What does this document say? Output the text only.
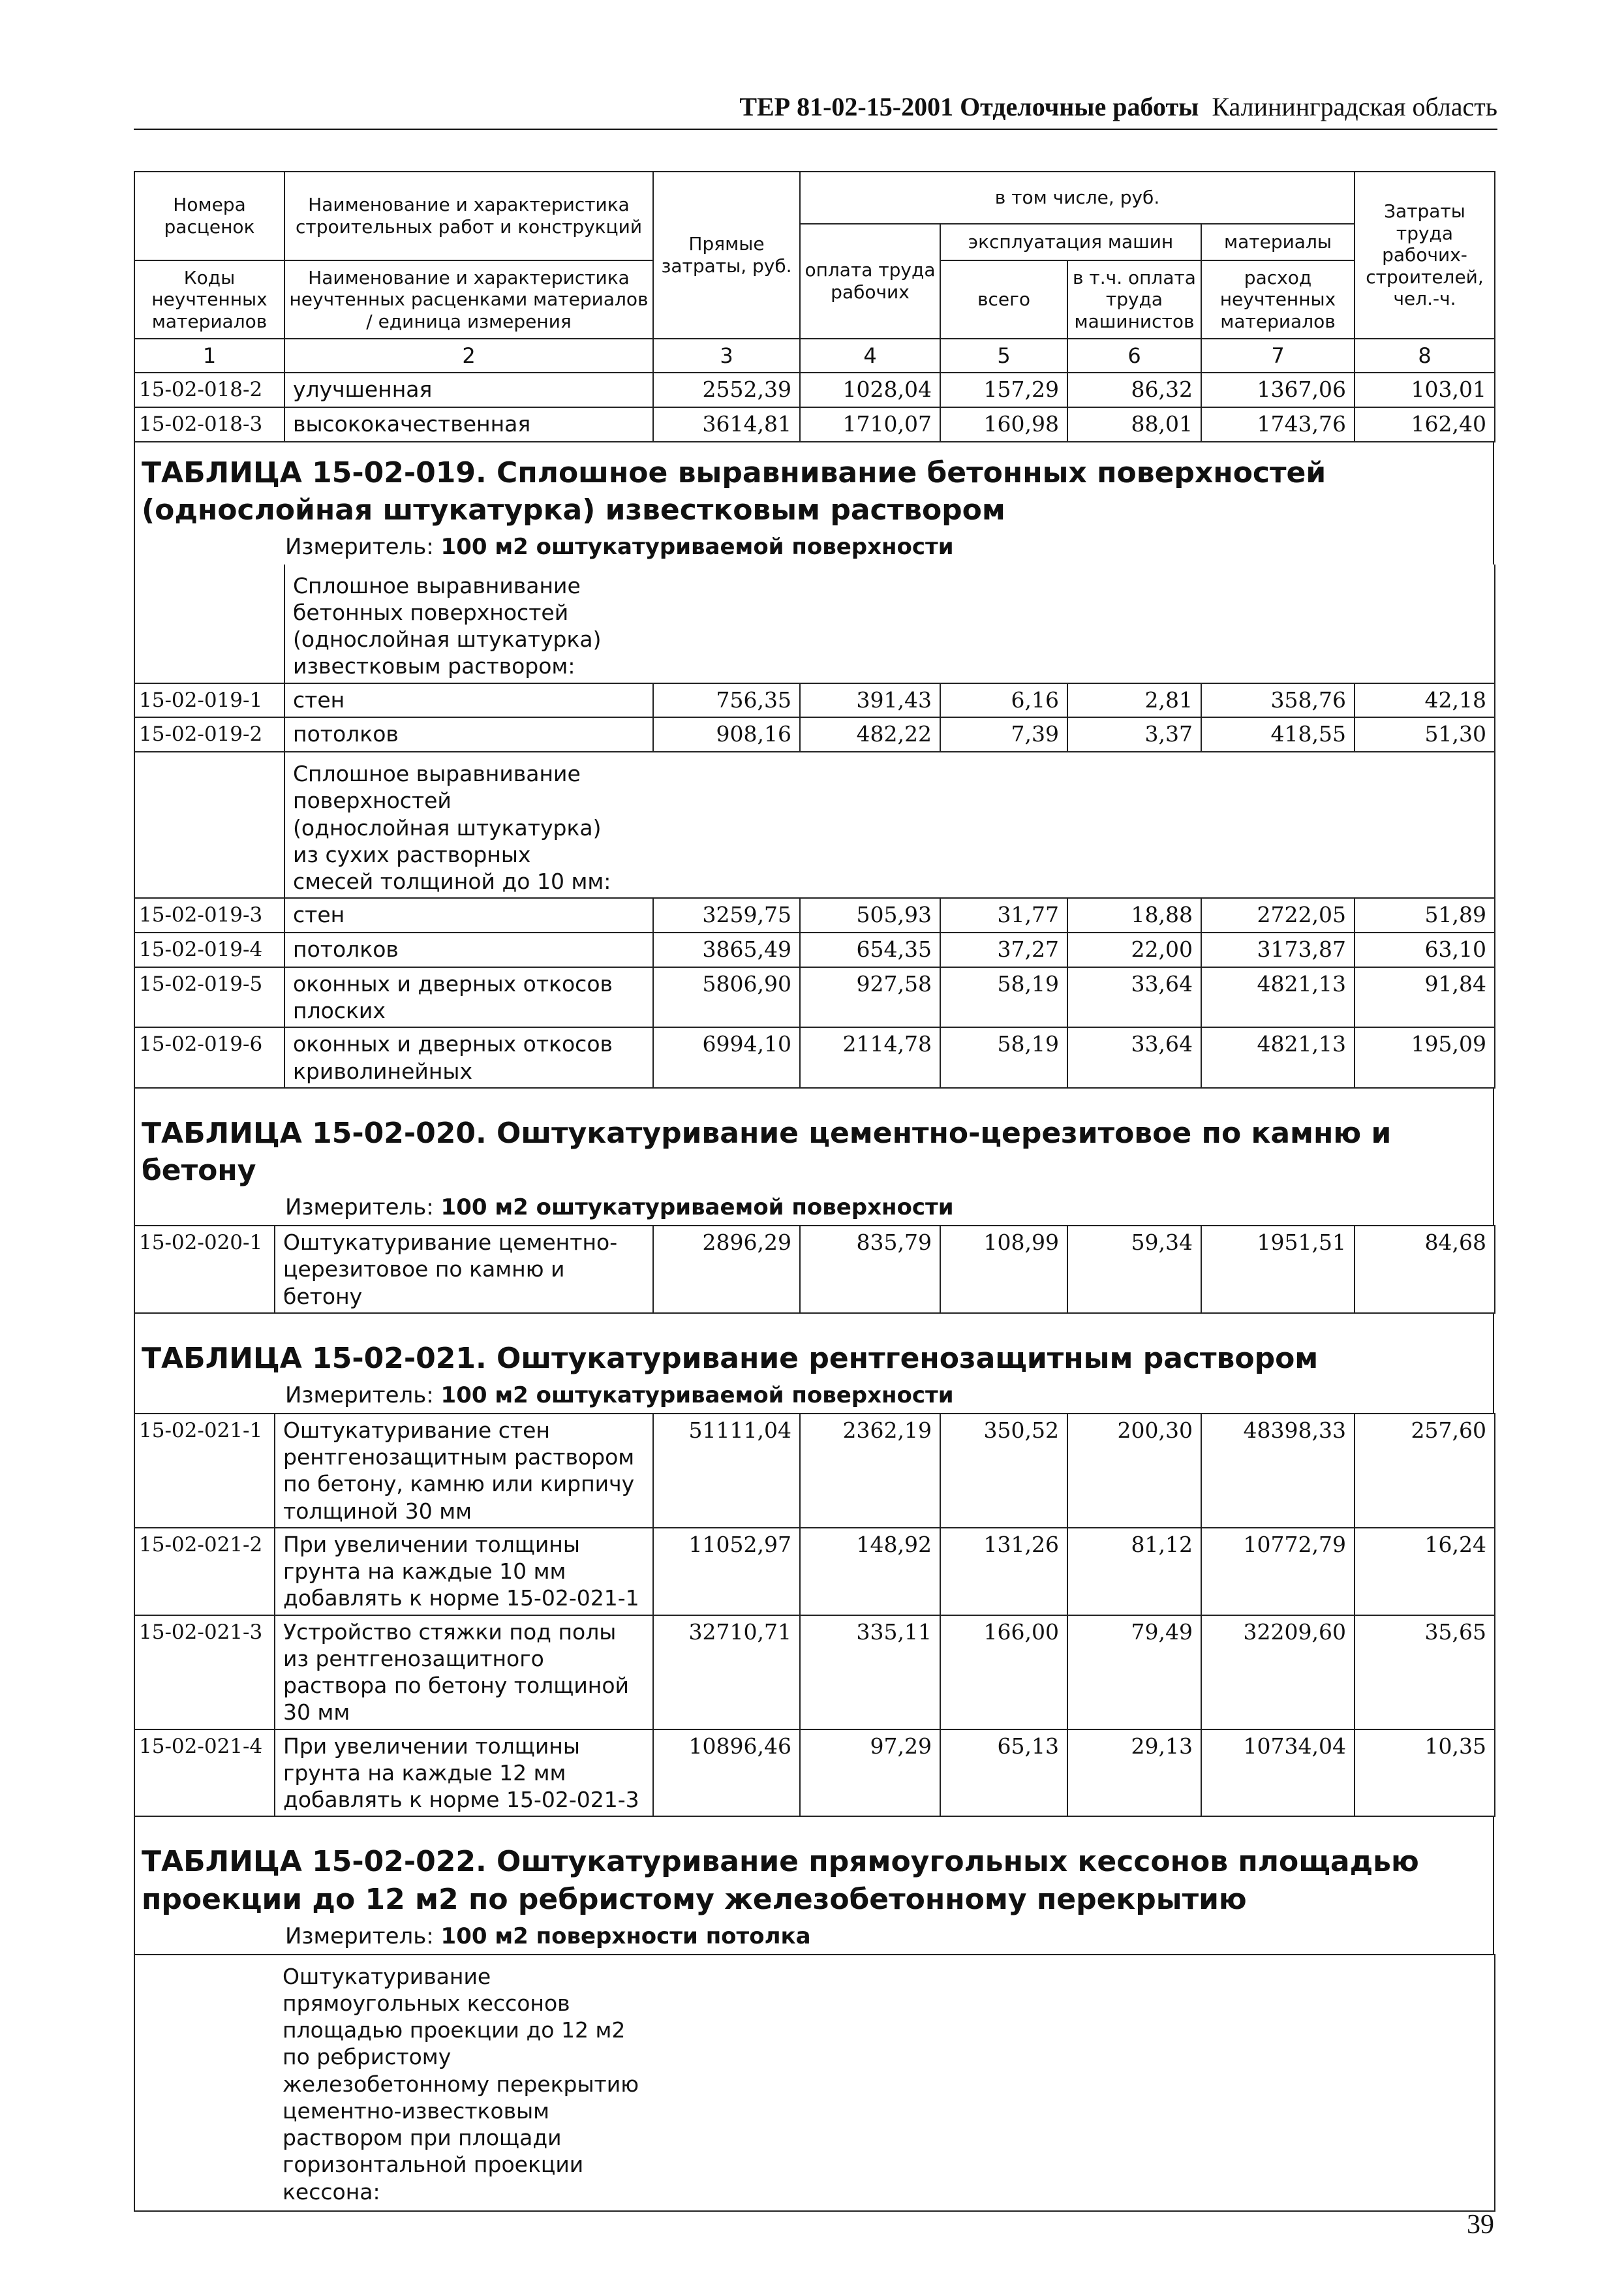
ТЕР 81-02-15-2001 Отделочные работы Калининградская область
Номера расценок	Наименование и характеристика строительных работ и конструкций	Прямые затраты, руб.	в том числе, руб.				Затраты труда рабочих-строителей, чел.-ч.
			оплата труда рабочих	эксплуатация машин		материалы	
Коды неучтенных материалов	Наименование и характеристика неучтенных расценками материалов / единица измерения			всего	в т.ч. оплата труда машинистов	расход неучтенных материалов	

1	2	3	4	5	6	7	8
15-02-018-2	улучшенная	2552,39	1028,04	157,29	86,32	1367,06	103,01
15-02-018-3	высококачественная	3614,81	1710,07	160,98	88,01	1743,76	162,40
ТАБЛИЦА 15-02-019. Сплошное выравнивание бетонных поверхностей (однослойная штукатурка) известковым раствором
Измеритель: 100 м2 оштукатуриваемой поверхности
	Сплошное выравнивание бетонных поверхностей (однослойная штукатурка) известковым раствором:						
15-02-019-1	стен	756,35	391,43	6,16	2,81	358,76	42,18
15-02-019-2	потолков	908,16	482,22	7,39	3,37	418,55	51,30
	Сплошное выравнивание поверхностей (однослойная штукатурка) из сухих растворных смесей толщиной до 10 мм:						
15-02-019-3	стен	3259,75	505,93	31,77	18,88	2722,05	51,89
15-02-019-4	потолков	3865,49	654,35	37,27	22,00	3173,87	63,10
15-02-019-5	оконных и дверных откосов плоских	5806,90	927,58	58,19	33,64	4821,13	91,84
15-02-019-6	оконных и дверных откосов криволинейных	6994,10	2114,78	58,19	33,64	4821,13	195,09
ТАБЛИЦА 15-02-020. Оштукатуривание цементно-церезитовое по камню и бетону
Измеритель: 100 м2 оштукатуриваемой поверхности
15-02-020-1	Оштукатуривание цементно-церезитовое по камню и бетону	2896,29	835,79	108,99	59,34	1951,51	84,68
ТАБЛИЦА 15-02-021. Оштукатуривание рентгенозащитным раствором
Измеритель: 100 м2 оштукатуриваемой поверхности
15-02-021-1	Оштукатуривание стен рентгенозащитным раствором по бетону, камню или кирпичу толщиной 30 мм	51111,04	2362,19	350,52	200,30	48398,33	257,60
15-02-021-2	При увеличении толщины грунта на каждые 10 мм добавлять к норме 15-02-021-1	11052,97	148,92	131,26	81,12	10772,79	16,24
15-02-021-3	Устройство стяжки под полы из рентгенозащитного раствора по бетону толщиной 30 мм	32710,71	335,11	166,00	79,49	32209,60	35,65
15-02-021-4	При увеличении толщины грунта на каждые 12 мм добавлять к норме 15-02-021-3	10896,46	97,29	65,13	29,13	10734,04	10,35
ТАБЛИЦА 15-02-022. Оштукатуривание прямоугольных кессонов площадью проекции до 12 м2 по ребристому железобетонному перекрытию
Измеритель: 100 м2 поверхности потолка
	Оштукатуривание прямоугольных кессонов площадью проекции до 12 м2 по ребристому железобетонному перекрытию цементно-известковым раствором при площади горизонтальной проекции кессона:
39
